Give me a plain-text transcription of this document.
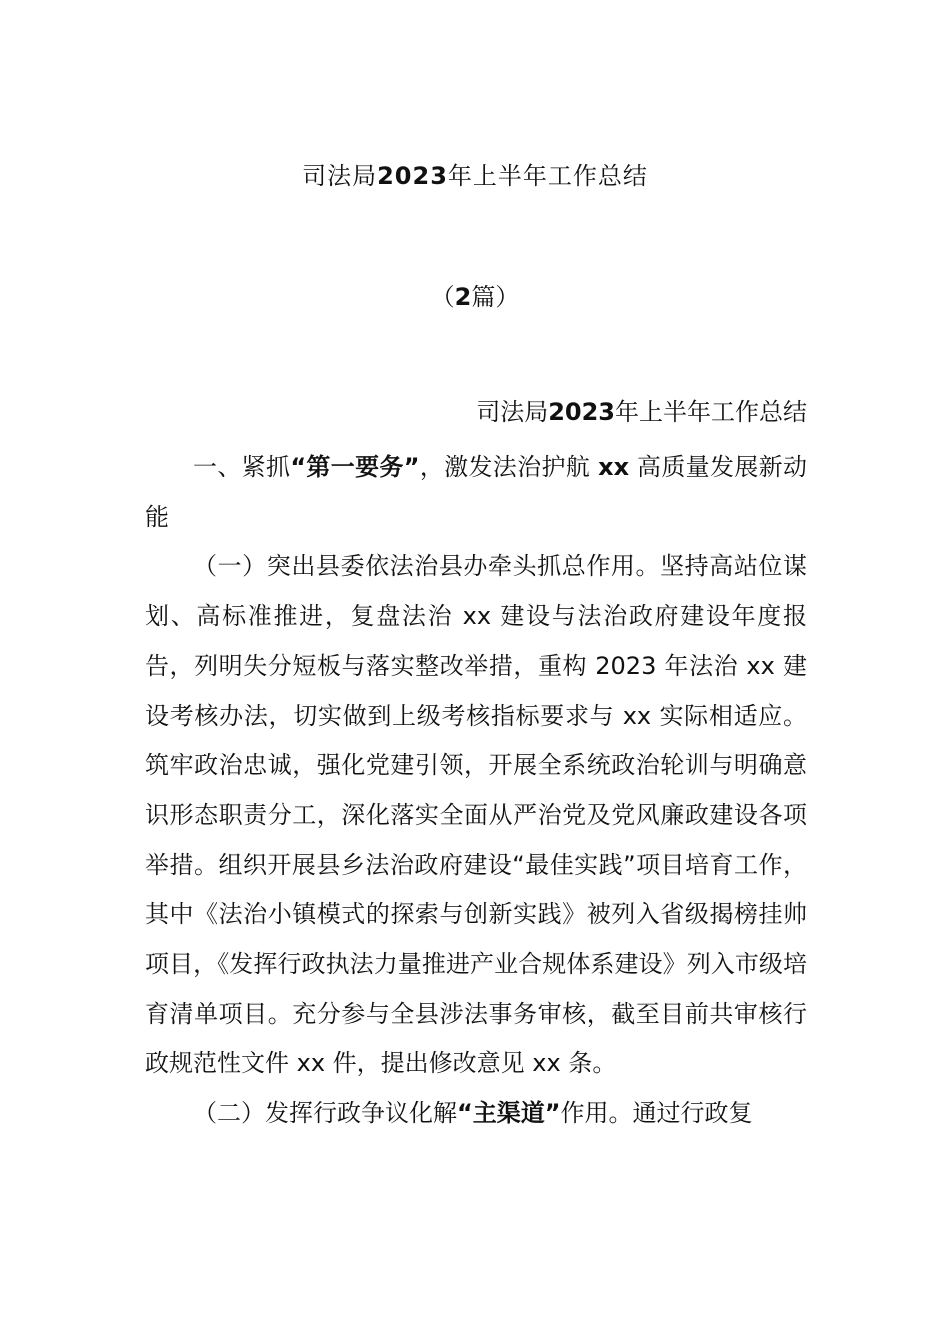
司法局2023年上半年工作总结
（2篇）
司法局2023年上半年工作总结

一、紧抓“第一要务”，激发法治护航 xx 高质量发展新动能

（一）突出县委依法治县办牵头抓总作用。坚持高站位谋划、高标准推进，复盘法治 xx 建设与法治政府建设年度报告，列明失分短板与落实整改举措，重构 2023 年法治 xx 建设考核办法，切实做到上级考核指标要求与 xx 实际相适应。筑牢政治忠诚，强化党建引领，开展全系统政治轮训与明确意识形态职责分工，深化落实全面从严治党及党风廉政建设各项举措。组织开展县乡法治政府建设“最佳实践”项目培育工作，其中《法治小镇模式的探索与创新实践》被列入省级揭榜挂帅项目，《发挥行政执法力量推进产业合规体系建设》列入市级培育清单项目。充分参与全县涉法事务审核，截至目前共审核行政规范性文件 xx 件，提出修改意见 xx 条。

（二）发挥行政争议化解“主渠道”作用。通过行政复
